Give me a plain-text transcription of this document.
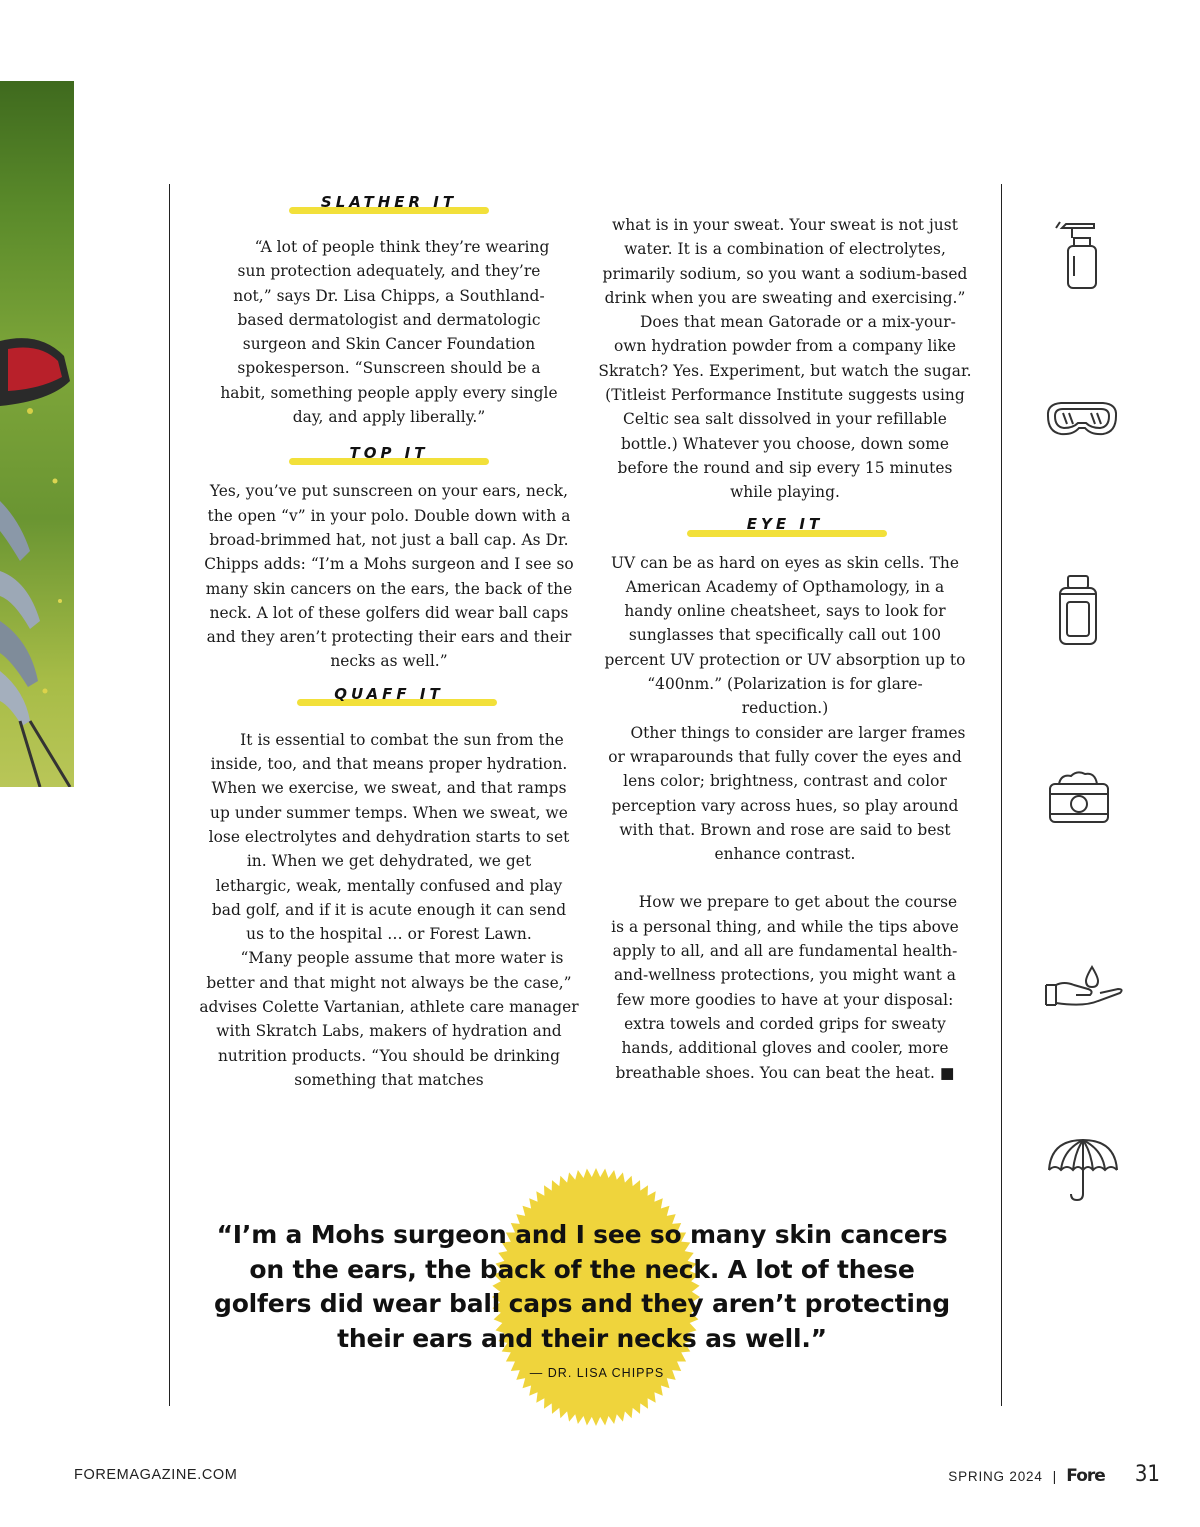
SLATHER IT

“A lot of people think they’re wearing sun protection adequately, and they’re not,” says Dr. Lisa Chipps, a Southland-based dermatologist and dermatologic surgeon and Skin Cancer Foundation spokesperson. “Sunscreen should be a habit, something people apply every single day, and apply liberally.”

TOP IT

Yes, you’ve put sunscreen on your ears, neck, the open “v” in your polo. Double down with a broad-brimmed hat, not just a ball cap. As Dr. Chipps adds: “I’m a Mohs surgeon and I see so many skin cancers on the ears, the back of the neck. A lot of these golfers did wear ball caps and they aren’t protecting their ears and their necks as well.”

QUAFF IT

It is essential to combat the sun from the inside, too, and that means proper hydration. When we exercise, we sweat, and that ramps up under summer temps. When we sweat, we lose electrolytes and dehydration starts to set in. When we get dehydrated, we get lethargic, weak, mentally confused and play bad golf, and if it is acute enough it can send us to the hospital … or Forest Lawn.

“Many people assume that more water is better and that might not always be the case,” advises Colette Vartanian, athlete care manager with Skratch Labs, makers of hydration and nutrition products. “You should be drinking something that matches

what is in your sweat. Your sweat is not just water. It is a combination of electrolytes, primarily sodium, so you want a sodium-based drink when you are sweating and exercising.”

Does that mean Gatorade or a mix-your-own hydration powder from a company like Skratch? Yes. Experiment, but watch the sugar. (Titleist Performance Institute suggests using Celtic sea salt dissolved in your refillable bottle.) Whatever you choose, down some before the round and sip every 15 minutes while playing.

EYE IT

UV can be as hard on eyes as skin cells. The American Academy of Opthamology, in a handy online cheatsheet, says to look for sunglasses that specifically call out 100 percent UV protection or UV absorption up to “400nm.” (Polarization is for glare-reduction.)

Other things to consider are larger frames or wraparounds that fully cover the eyes and lens color; brightness, contrast and color perception vary across hues, so play around with that. Brown and rose are said to best enhance contrast.

How we prepare to get about the course is a personal thing, and while the tips above apply to all, and all are fundamental health-and-wellness protections, you might want a few more goodies to have at your disposal: extra towels and corded grips for sweaty hands, additional gloves and cooler, more breathable shoes. You can beat the heat. ■

“I’m a Mohs surgeon and I see so many skin cancers on the ears, the back of the neck. A lot of these golfers did wear ball caps and they aren’t protecting their ears and their necks as well.”
— DR. LISA CHIPPS
FOREMAGAZINE.COM	SPRING 2024 | Fore 31
